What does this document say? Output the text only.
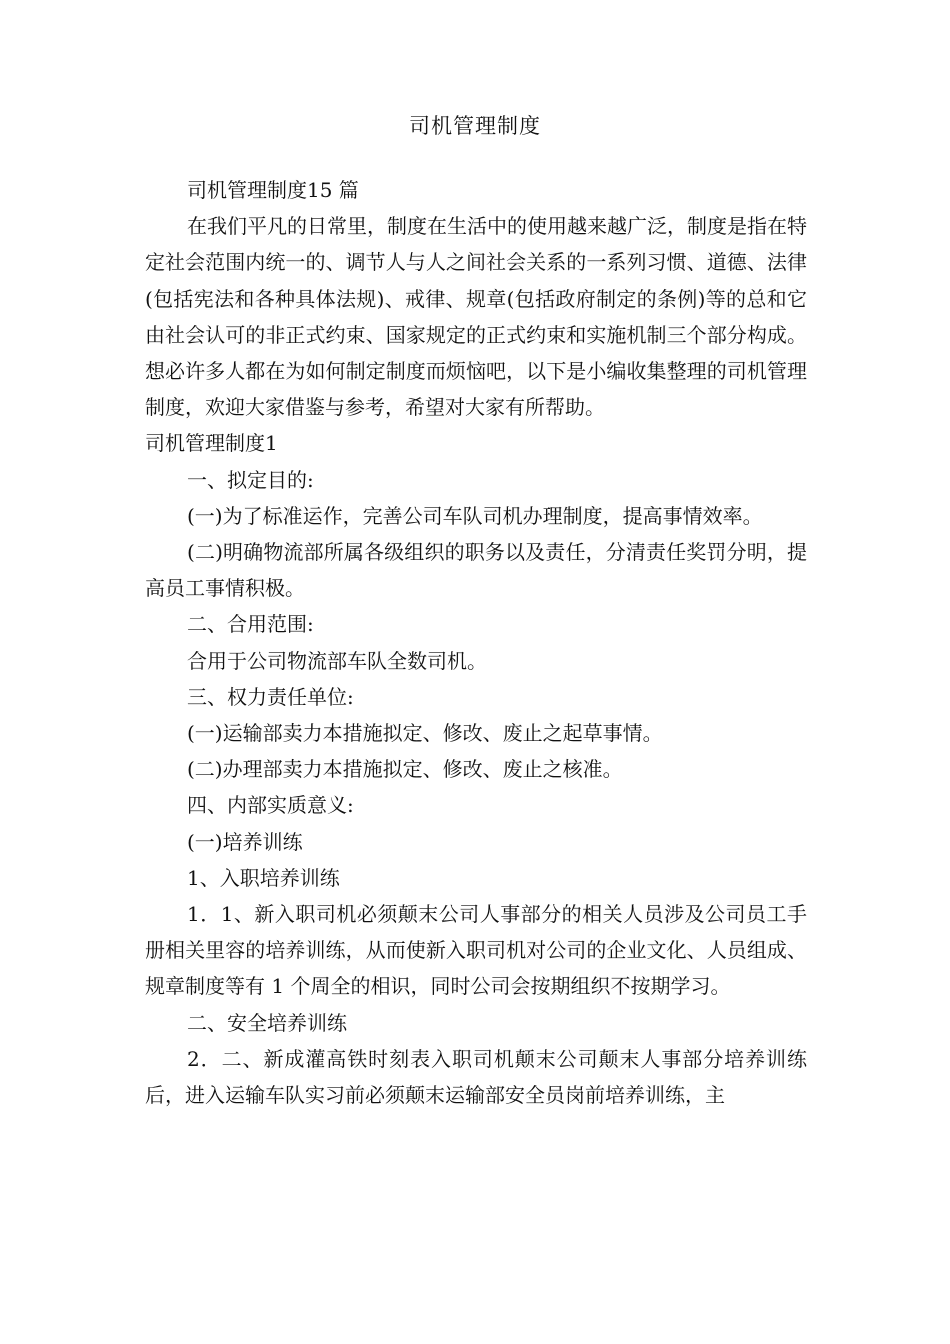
司机管理制度

司机管理制度15 篇

在我们平凡的日常里，制度在生活中的使用越来越广泛，制度是指在特定社会范围内统一的、调节人与人之间社会关系的一系列习惯、道德、法律(包括宪法和各种具体法规)、戒律、规章(包括政府制定的条例)等的总和它由社会认可的非正式约束、国家规定的正式约束和实施机制三个部分构成。想必许多人都在为如何制定制度而烦恼吧，以下是小编收集整理的司机管理制度，欢迎大家借鉴与参考，希望对大家有所帮助。

司机管理制度1

一、拟定目的:

(一)为了标准运作，完善公司车队司机办理制度，提高事情效率。

(二)明确物流部所属各级组织的职务以及责任，分清责任奖罚分明，提高员工事情积极。

二、合用范围:

合用于公司物流部车队全数司机。

三、权力责任单位:

(一)运输部卖力本措施拟定、修改、废止之起草事情。

(二)办理部卖力本措施拟定、修改、废止之核准。

四、内部实质意义:

(一)培养训练

1、入职培养训练

1．1、新入职司机必须颠末公司人事部分的相关人员涉及公司员工手册相关里容的培养训练，从而使新入职司机对公司的企业文化、人员组成、规章制度等有 1 个周全的相识，同时公司会按期组织不按期学习。

二、安全培养训练

2．二、新成灌高铁时刻表入职司机颠末公司颠末人事部分培养训练后，进入运输车队实习前必须颠末运输部安全员岗前培养训练，主
